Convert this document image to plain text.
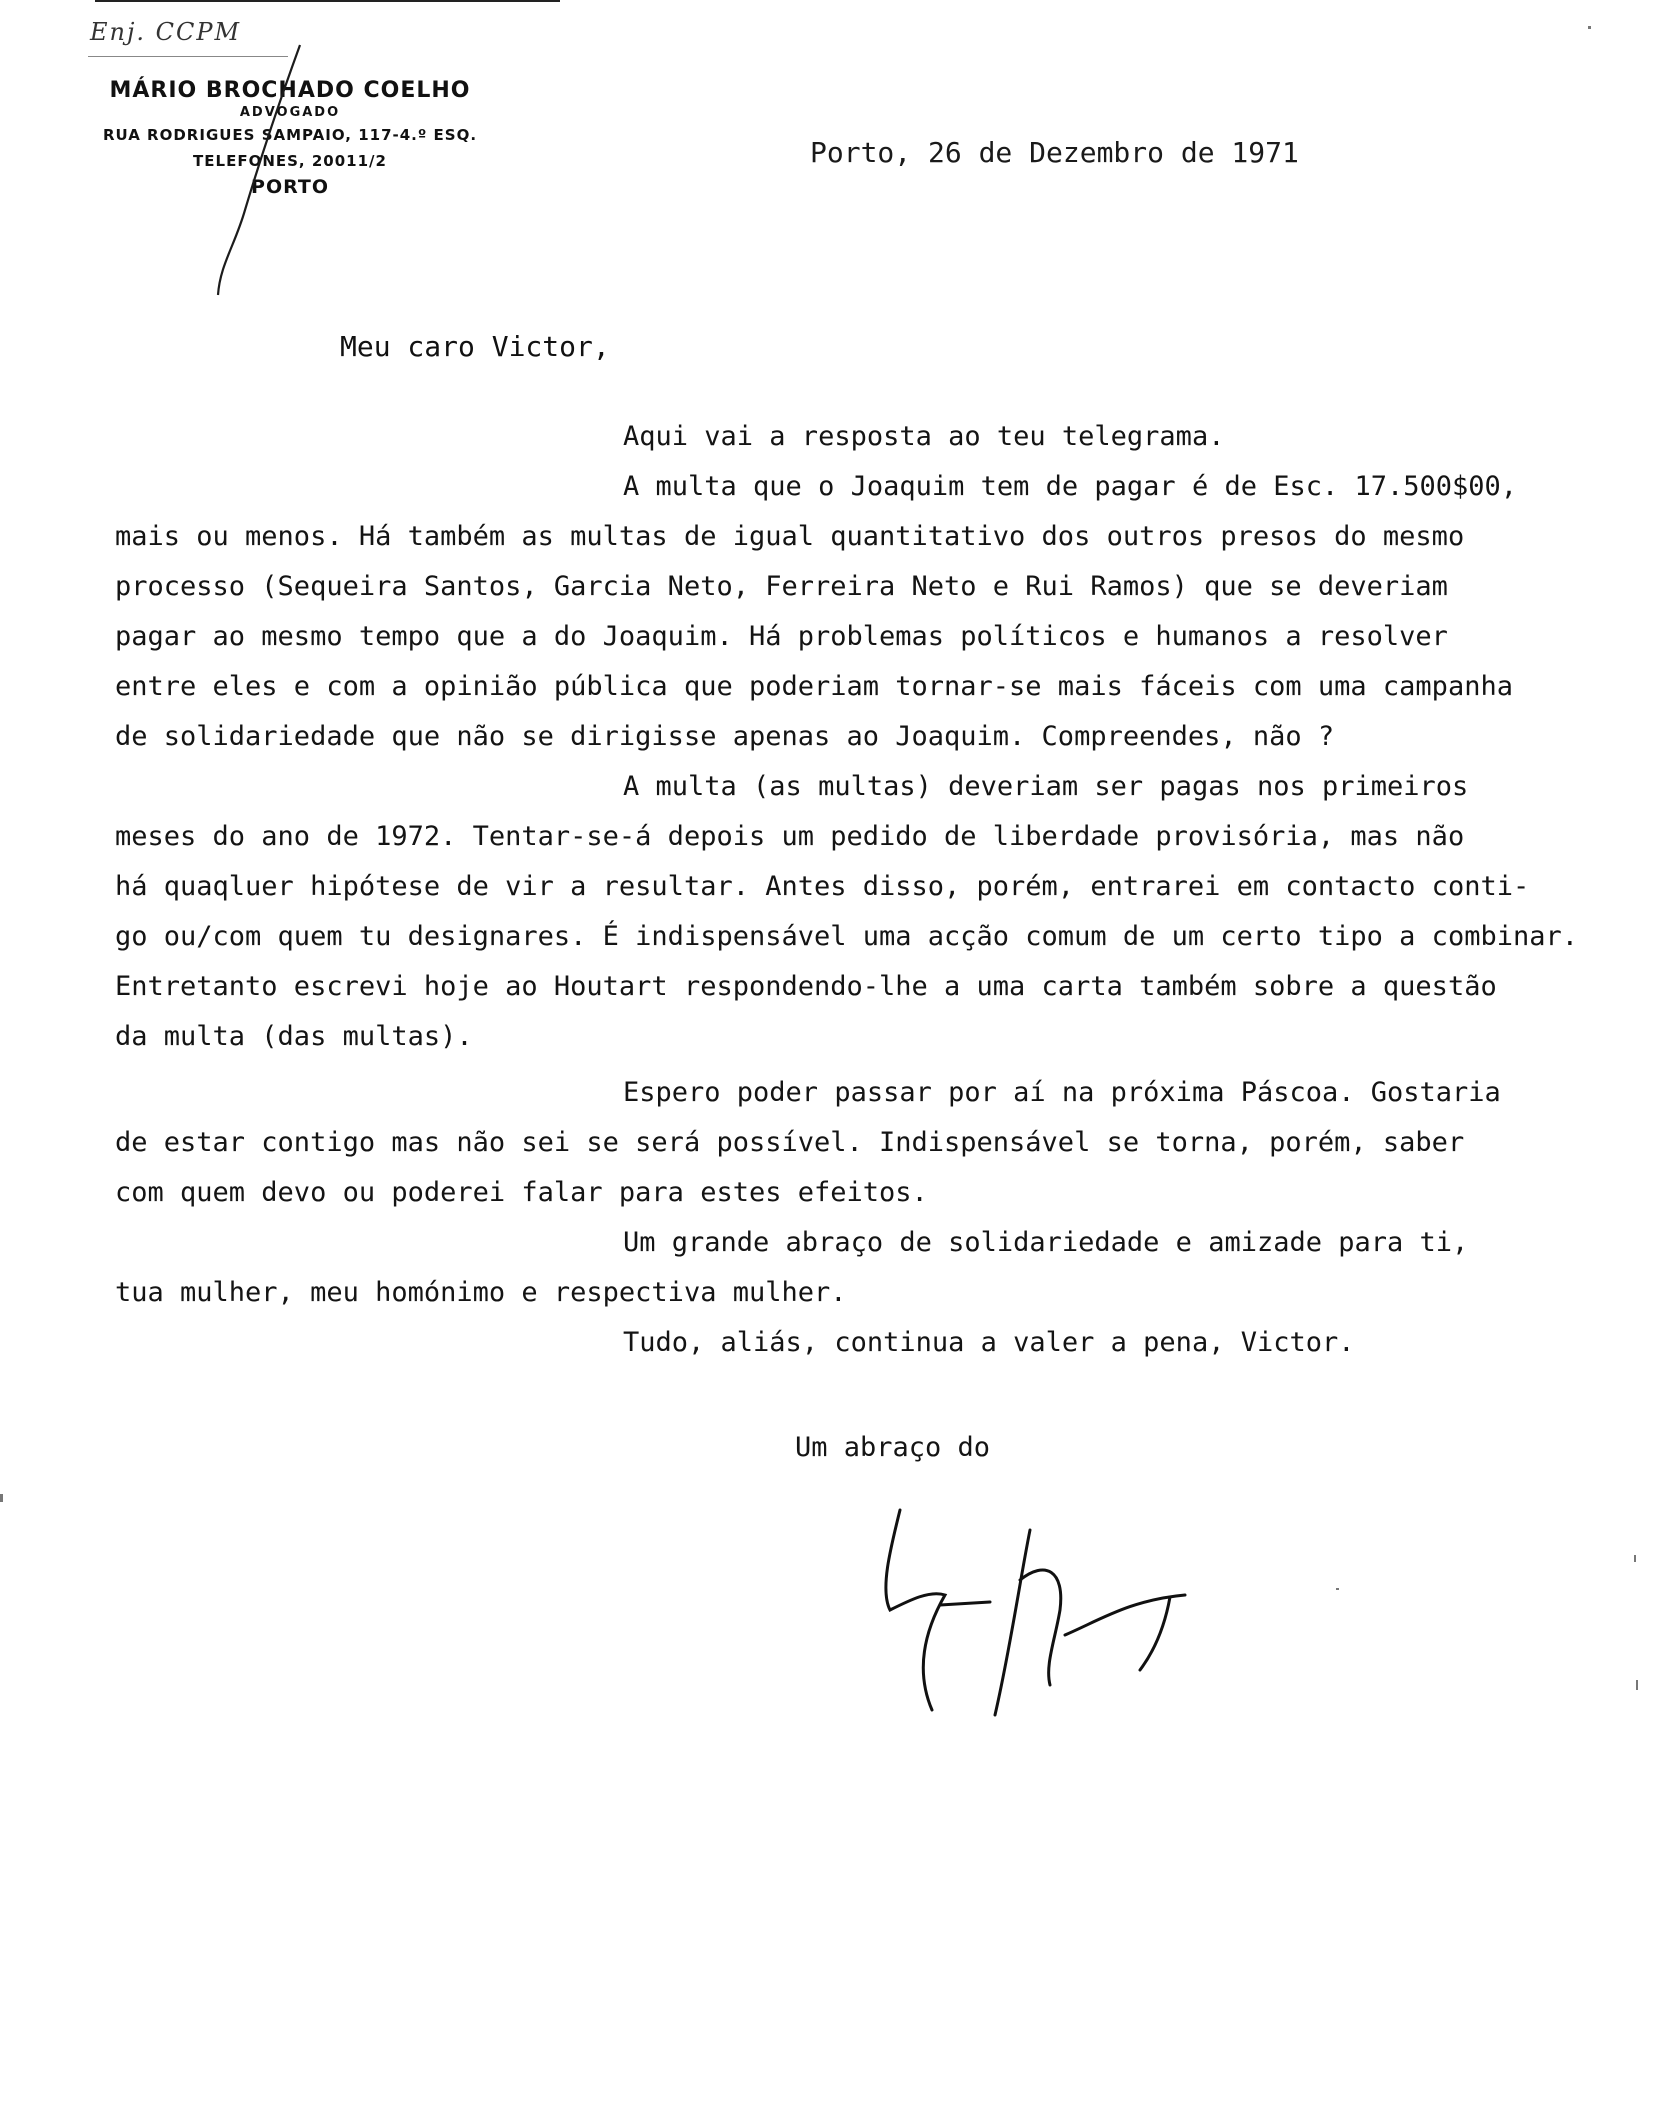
Enj. CCPM
MÁRIO BROCHADO COELHO
ADVOGADO
RUA RODRIGUES SAMPAIO, 117-4.º ESQ.
TELEFONES, 20011/2
PORTO
Porto, 26 de Dezembro de 1971
Meu caro Victor,
Aqui vai a resposta ao teu telegrama.
A multa que o Joaquim tem de pagar é de Esc. 17.500$00,
mais ou menos. Há também as multas de igual quantitativo dos outros presos do mesmo
processo (Sequeira Santos, Garcia Neto, Ferreira Neto e Rui Ramos) que se deveriam
pagar ao mesmo tempo que a do Joaquim. Há problemas políticos e humanos a resolver
entre eles e com a opinião pública que poderiam tornar-se mais fáceis com uma campanha
de solidariedade que não se dirigisse apenas ao Joaquim. Compreendes, não ?
A multa (as multas) deveriam ser pagas nos primeiros
meses do ano de 1972. Tentar-se-á depois um pedido de liberdade provisória, mas não
há quaqluer hipótese de vir a resultar. Antes disso, porém, entrarei em contacto conti-
go ou/com quem tu designares. É indispensável uma acção comum de um certo tipo a combinar.
Entretanto escrevi hoje ao Houtart respondendo-lhe a uma carta também sobre a questão
da multa (das multas).
Espero poder passar por aí na próxima Páscoa. Gostaria
de estar contigo mas não sei se será possível. Indispensável se torna, porém, saber
com quem devo ou poderei falar para estes efeitos.
Um grande abraço de solidariedade e amizade para ti,
tua mulher, meu homónimo e respectiva mulher.
Tudo, aliás, continua a valer a pena, Victor.
Um abraço do
